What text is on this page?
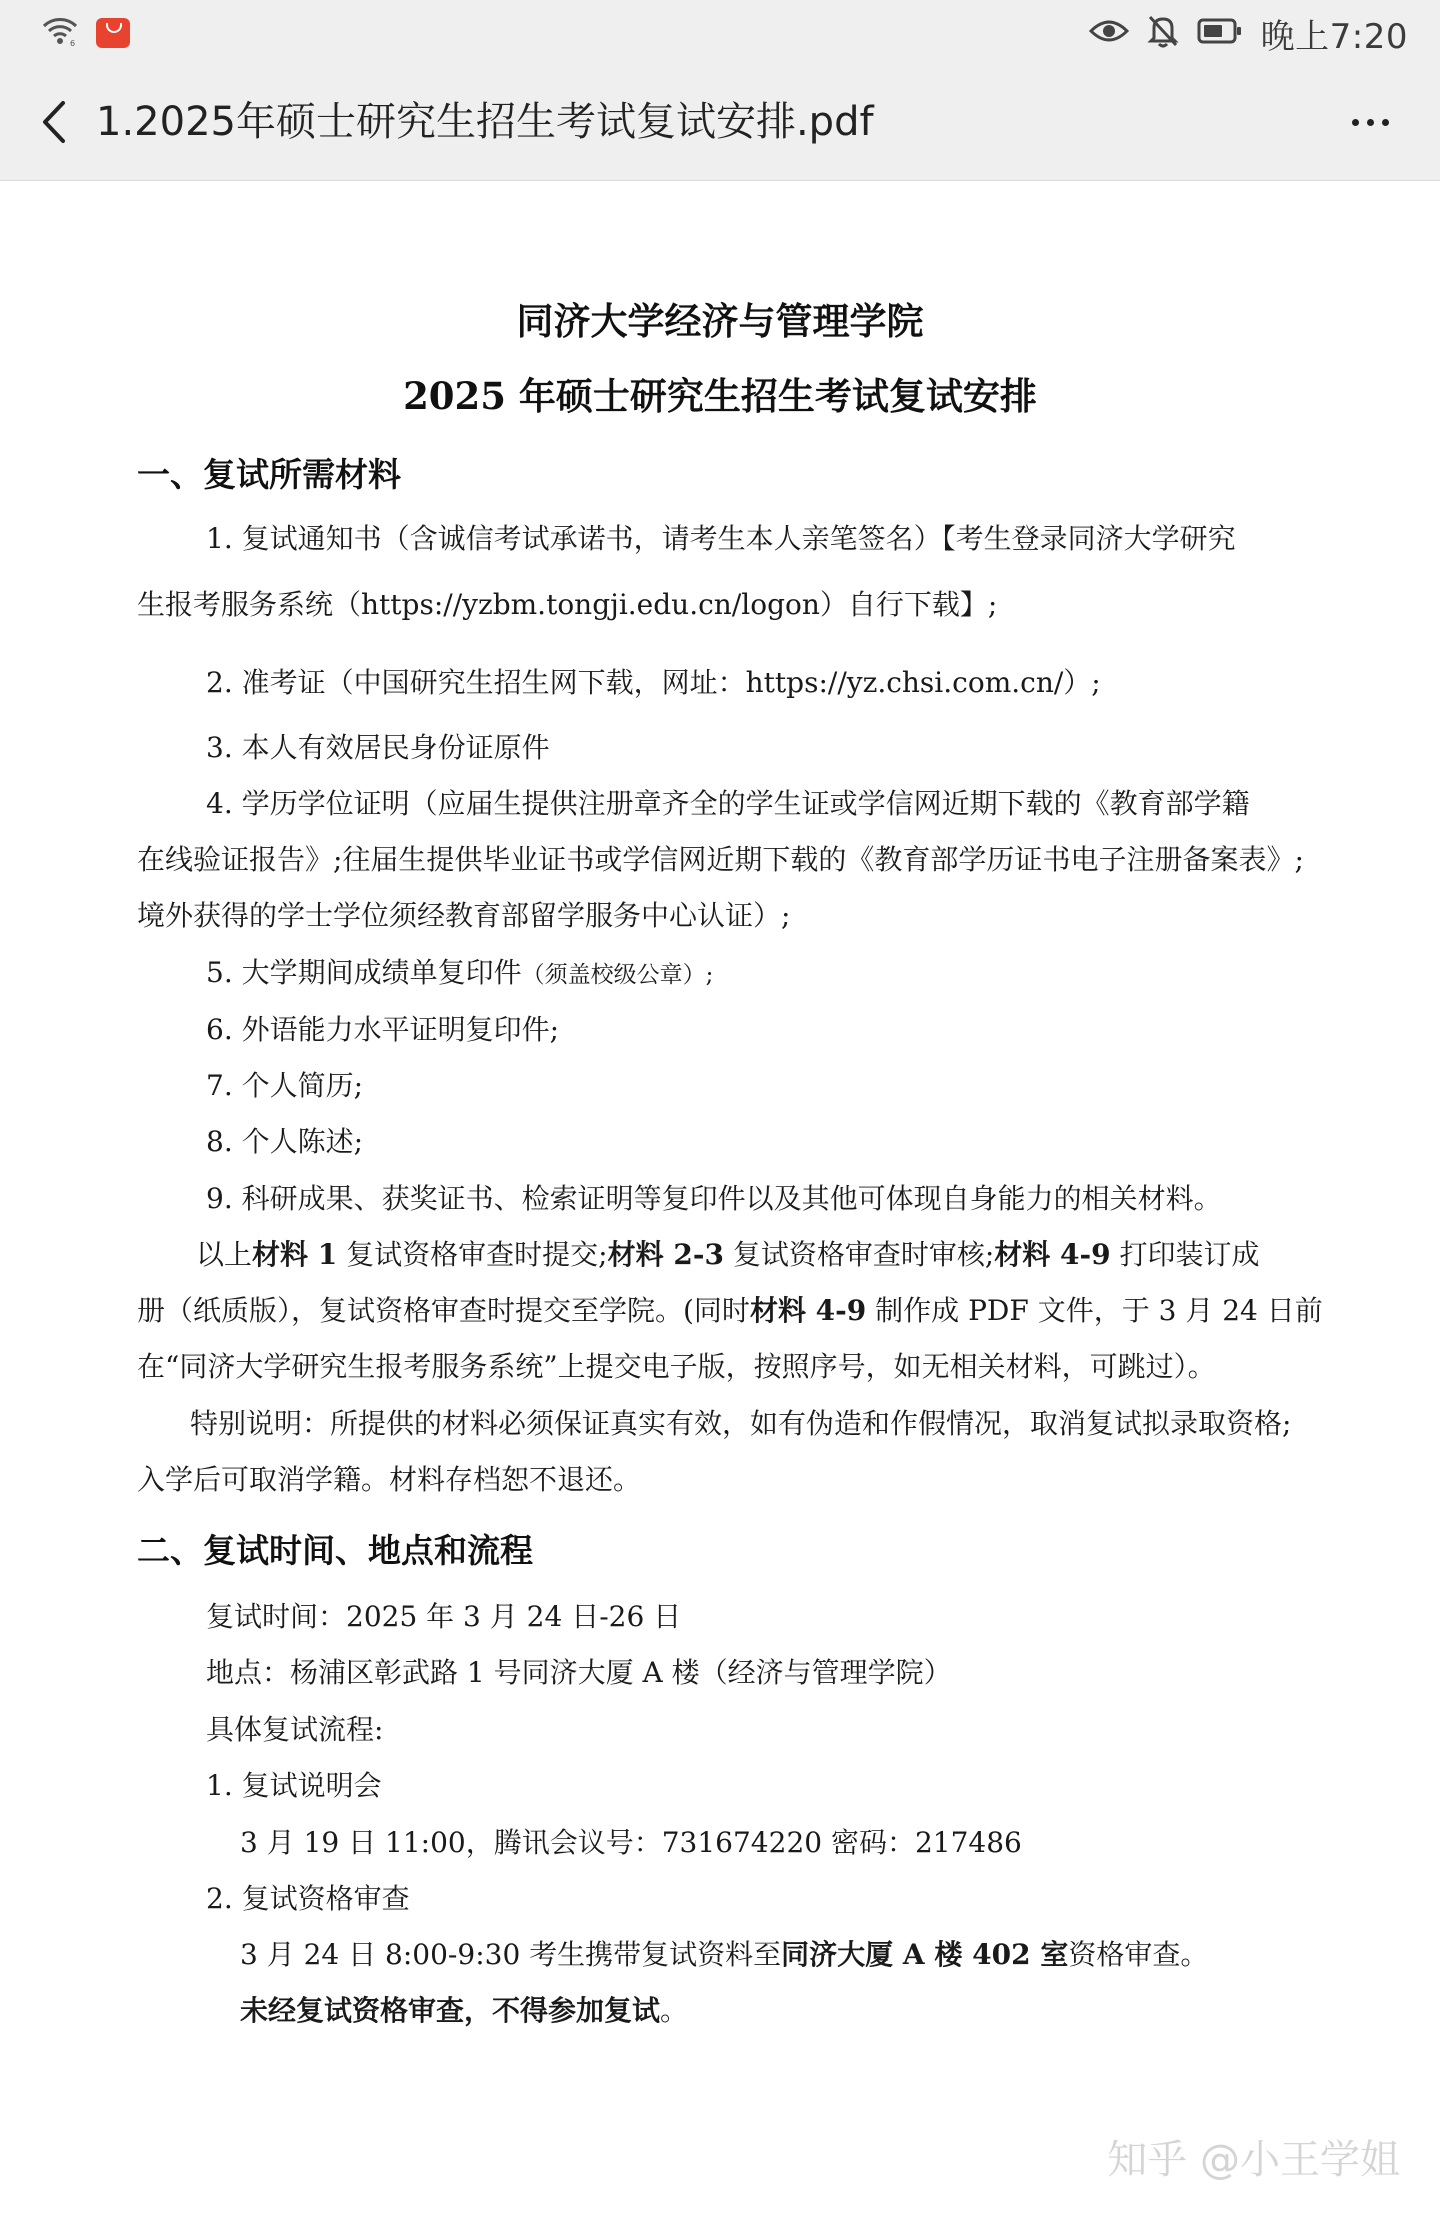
6	晚上7:20
1.2025年硕士研究生招生考试复试安排.pdf
同济大学经济与管理学院
2025 年硕士研究生招生考试复试安排
一、复试所需材料
1. 复试通知书（含诚信考试承诺书，请考生本人亲笔签名）【考生登录同济大学研究
生报考服务系统（https://yzbm.tongji.edu.cn/logon）自行下载】;
2. 准考证（中国研究生招生网下载，网址：https://yz.chsi.com.cn/）;
3. 本人有效居民身份证原件
4. 学历学位证明（应届生提供注册章齐全的学生证或学信网近期下载的《教育部学籍
在线验证报告》;往届生提供毕业证书或学信网近期下载的《教育部学历证书电子注册备案表》;
境外获得的学士学位须经教育部留学服务中心认证）;
5. 大学期间成绩单复印件（须盖校级公章）;
6. 外语能力水平证明复印件;
7. 个人简历;
8. 个人陈述;
9. 科研成果、获奖证书、检索证明等复印件以及其他可体现自身能力的相关材料。
以上材料 1 复试资格审查时提交;材料 2-3 复试资格审查时审核;材料 4-9 打印装订成
册（纸质版），复试资格审查时提交至学院。(同时材料 4-9 制作成 PDF 文件，于 3 月 24 日前
在“同济大学研究生报考服务系统”上提交电子版，按照序号，如无相关材料，可跳过）。
特别说明：所提供的材料必须保证真实有效，如有伪造和作假情况，取消复试拟录取资格;
入学后可取消学籍。材料存档恕不退还。
二、复试时间、地点和流程
复试时间：2025 年 3 月 24 日-26 日
地点：杨浦区彰武路 1 号同济大厦 A 楼（经济与管理学院）
具体复试流程:
1. 复试说明会
3 月 19 日 11:00，腾讯会议号：731674220 密码：217486
2. 复试资格审查
3 月 24 日 8:00-9:30 考生携带复试资料至同济大厦 A 楼 402 室资格审查。
未经复试资格审查，不得参加复试。
知乎 @小王学姐
